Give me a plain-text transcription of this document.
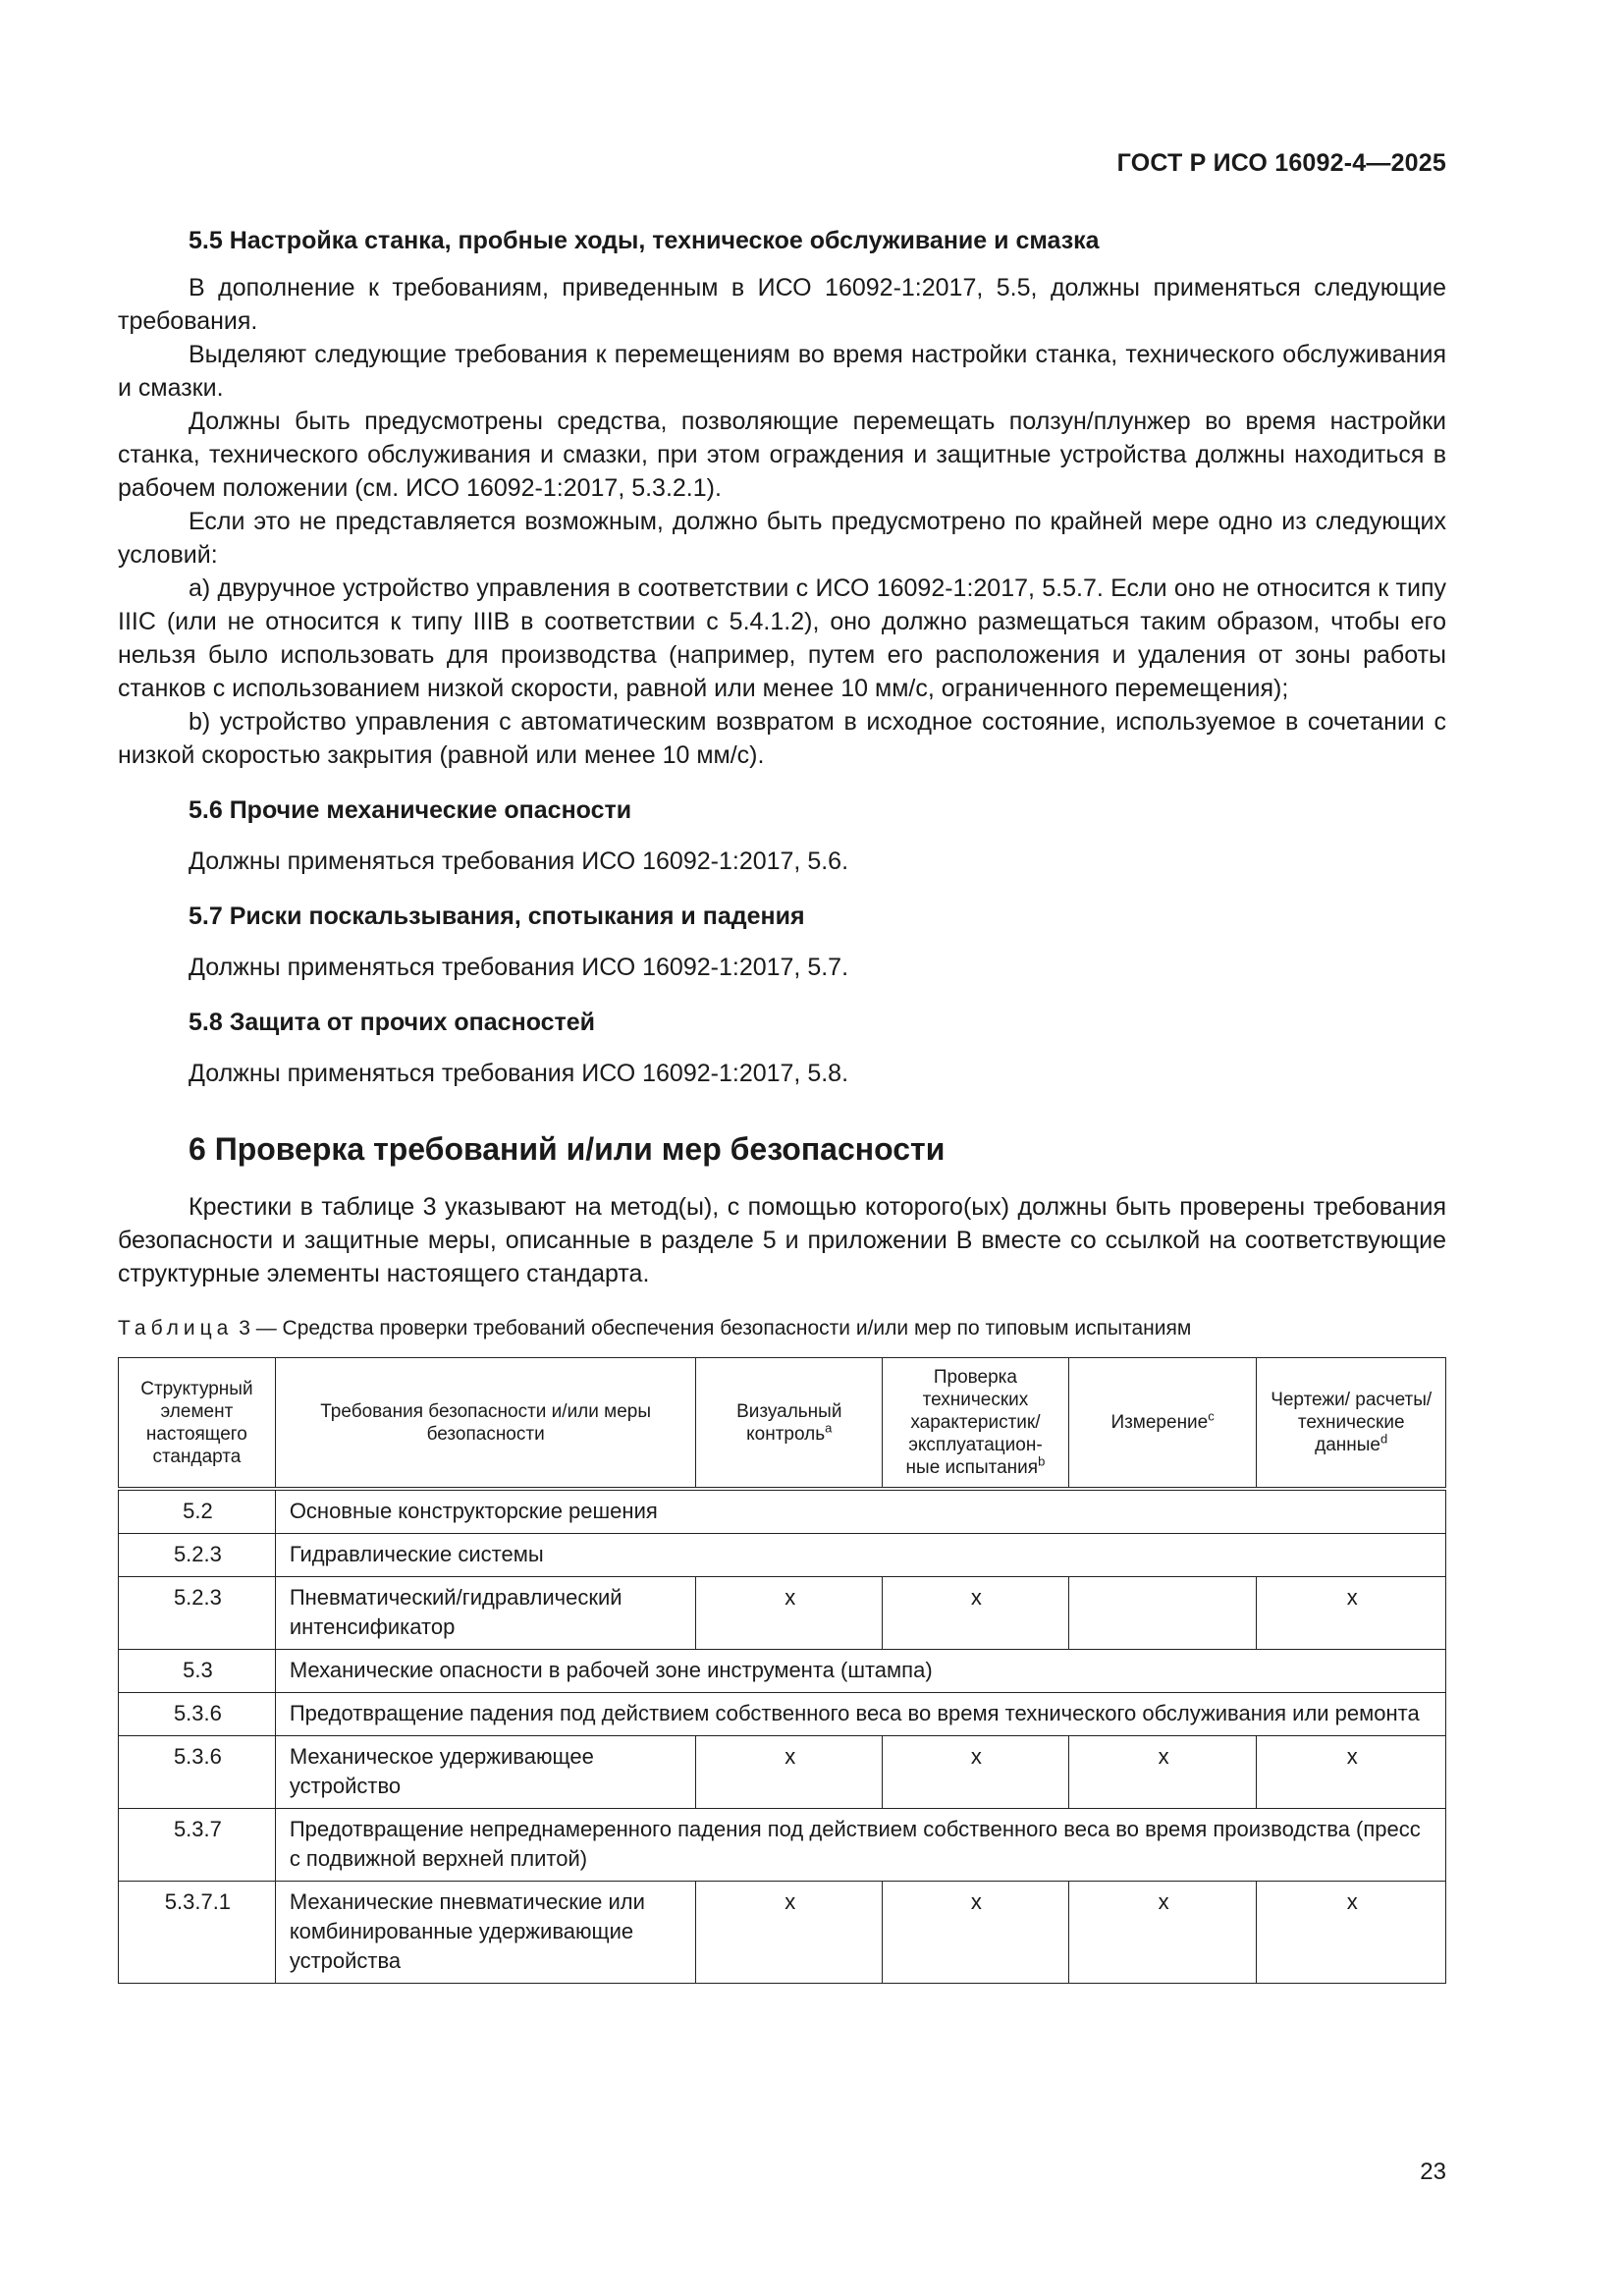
ГОСТ Р ИСО 16092-4—2025
5.5 Настройка станка, пробные ходы, техническое обслуживание и смазка

В дополнение к требованиям, приведенным в ИСО 16092-1:2017, 5.5, должны применяться следующие требования.

Выделяют следующие требования к перемещениям во время настройки станка, технического обслуживания и смазки.

Должны быть предусмотрены средства, позволяющие перемещать ползун/плунжер во время настройки станка, технического обслуживания и смазки, при этом ограждения и защитные устройства должны находиться в рабочем положении (см. ИСО 16092-1:2017, 5.3.2.1).

Если это не представляется возможным, должно быть предусмотрено по крайней мере одно из следующих условий:

a) двуручное устройство управления в соответствии с ИСО 16092-1:2017, 5.5.7. Если оно не относится к типу IIIC (или не относится к типу IIIB в соответствии с 5.4.1.2), оно должно размещаться таким образом, чтобы его нельзя было использовать для производства (например, путем его расположения и удаления от зоны работы станков с использованием низкой скорости, равной или менее 10 мм/с, ограниченного перемещения);

b) устройство управления с автоматическим возвратом в исходное состояние, используемое в сочетании с низкой скоростью закрытия (равной или менее 10 мм/с).

5.6 Прочие механические опасности

Должны применяться требования ИСО 16092-1:2017, 5.6.

5.7 Риски поскальзывания, спотыкания и падения

Должны применяться требования ИСО 16092-1:2017, 5.7.

5.8 Защита от прочих опасностей

Должны применяться требования ИСО 16092-1:2017, 5.8.

6 Проверка требований и/или мер безопасности

Крестики в таблице 3 указывают на метод(ы), с помощью которого(ых) должны быть проверены требования безопасности и защитные меры, описанные в разделе 5 и приложении В вместе со ссылкой на соответствующие структурные элементы настоящего стандарта.

Таблица 3 — Средства проверки требований обеспечения безопасности и/или мер по типовым испытаниям
Структурный элемент настоящего стандарта	Требования безопасности и/или меры безопасности	Визуальный контроль$^a$	Проверка технических характеристик/ эксплуатацион- ные испытания$^b$	Измерение$^c$	Чертежи/ расчеты/ технические данные$^d$
5.2	Основные конструкторские решения				
5.2.3	Гидравлические системы				
5.2.3	Пневматический/гидравлический интенсификатор	x	x		x
5.3	Механические опасности в рабочей зоне инструмента (штампа)				
5.3.6	Предотвращение падения под действием собственного веса во время технического обслуживания или ремонта				
5.3.6	Механическое удерживающее устройство	x	x	x	x
5.3.7	Предотвращение непреднамеренного падения под действием собственного веса во время производства (пресс с подвижной верхней плитой)				
5.3.7.1	Механические пневматические или комбинированные удерживающие устройства	x	x	x	x
23
